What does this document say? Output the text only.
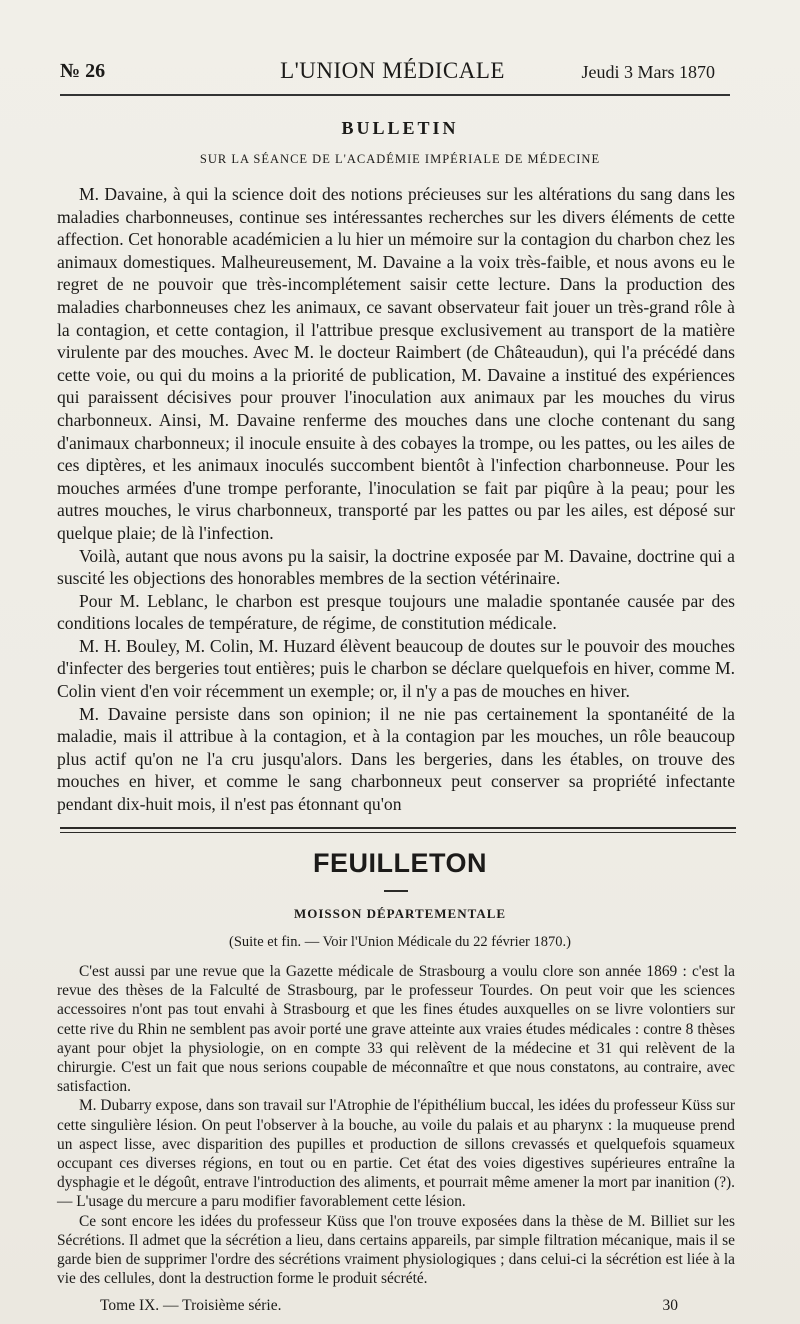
№ 26	L'UNION MÉDICALE	Jeudi 3 Mars 1870
BULLETIN
SUR LA SÉANCE DE L'ACADÉMIE IMPÉRIALE DE MÉDECINE

M. Davaine, à qui la science doit des notions précieuses sur les altérations du sang dans les maladies charbonneuses, continue ses intéressantes recherches sur les divers éléments de cette affection. Cet honorable académicien a lu hier un mémoire sur la contagion du charbon chez les animaux domestiques. Malheureusement, M. Davaine a la voix très-faible, et nous avons eu le regret de ne pouvoir que très-incomplétement saisir cette lecture. Dans la production des maladies charbonneuses chez les animaux, ce savant observateur fait jouer un très-grand rôle à la contagion, et cette contagion, il l'attribue presque exclusivement au transport de la matière virulente par des mouches. Avec M. le docteur Raimbert (de Châteaudun), qui l'a précédé dans cette voie, ou qui du moins a la priorité de publication, M. Davaine a institué des expériences qui paraissent décisives pour prouver l'inoculation aux animaux par les mouches du virus charbonneux. Ainsi, M. Davaine renferme des mouches dans une cloche contenant du sang d'animaux charbonneux; il inocule ensuite à des cobayes la trompe, ou les pattes, ou les ailes de ces diptères, et les animaux inoculés succombent bientôt à l'infection charbonneuse. Pour les mouches armées d'une trompe perforante, l'inoculation se fait par piqûre à la peau; pour les autres mouches, le virus charbonneux, transporté par les pattes ou par les ailes, est déposé sur quelque plaie; de là l'infection.

Voilà, autant que nous avons pu la saisir, la doctrine exposée par M. Davaine, doctrine qui a suscité les objections des honorables membres de la section vétérinaire.

Pour M. Leblanc, le charbon est presque toujours une maladie spontanée causée par des conditions locales de température, de régime, de constitution médicale.

M. H. Bouley, M. Colin, M. Huzard élèvent beaucoup de doutes sur le pouvoir des mouches d'infecter des bergeries tout entières; puis le charbon se déclare quelquefois en hiver, comme M. Colin vient d'en voir récemment un exemple; or, il n'y a pas de mouches en hiver.

M. Davaine persiste dans son opinion; il ne nie pas certainement la spontanéité de la maladie, mais il attribue à la contagion, et à la contagion par les mouches, un rôle beaucoup plus actif qu'on ne l'a cru jusqu'alors. Dans les bergeries, dans les étables, on trouve des mouches en hiver, et comme le sang charbonneux peut conserver sa propriété infectante pendant dix-huit mois, il n'est pas étonnant qu'on

FEUILLETON
MOISSON DÉPARTEMENTALE
(Suite et fin. — Voir l'Union Médicale du 22 février 1870.)

C'est aussi par une revue que la Gazette médicale de Strasbourg a voulu clore son année 1869 : c'est la revue des thèses de la Falculté de Strasbourg, par le professeur Tourdes. On peut voir que les sciences accessoires n'ont pas tout envahi à Strasbourg et que les fines études auxquelles on se livre volontiers sur cette rive du Rhin ne semblent pas avoir porté une grave atteinte aux vraies études médicales : contre 8 thèses ayant pour objet la physiologie, on en compte 33 qui relèvent de la médecine et 31 qui relèvent de la chirurgie. C'est un fait que nous serions coupable de méconnaître et que nous constatons, au contraire, avec satisfaction.

M. Dubarry expose, dans son travail sur l'Atrophie de l'épithélium buccal, les idées du professeur Küss sur cette singulière lésion. On peut l'observer à la bouche, au voile du palais et au pharynx : la muqueuse prend un aspect lisse, avec disparition des pupilles et production de sillons crevassés et quelquefois squameux occupant ces diverses régions, en tout ou en partie. Cet état des voies digestives supérieures entraîne la dysphagie et le dégoût, entrave l'introduction des aliments, et pourrait même amener la mort par inanition (?). — L'usage du mercure a paru modifier favorablement cette lésion.

Ce sont encore les idées du professeur Küss que l'on trouve exposées dans la thèse de M. Billiet sur les Sécrétions. Il admet que la sécrétion a lieu, dans certains appareils, par simple filtration mécanique, mais il se garde bien de supprimer l'ordre des sécrétions vraiment physiologiques ; dans celui-ci la sécrétion est liée à la vie des cellules, dont la destruction forme le produit sécrété.

Tome IX. — Troisième série.	30
